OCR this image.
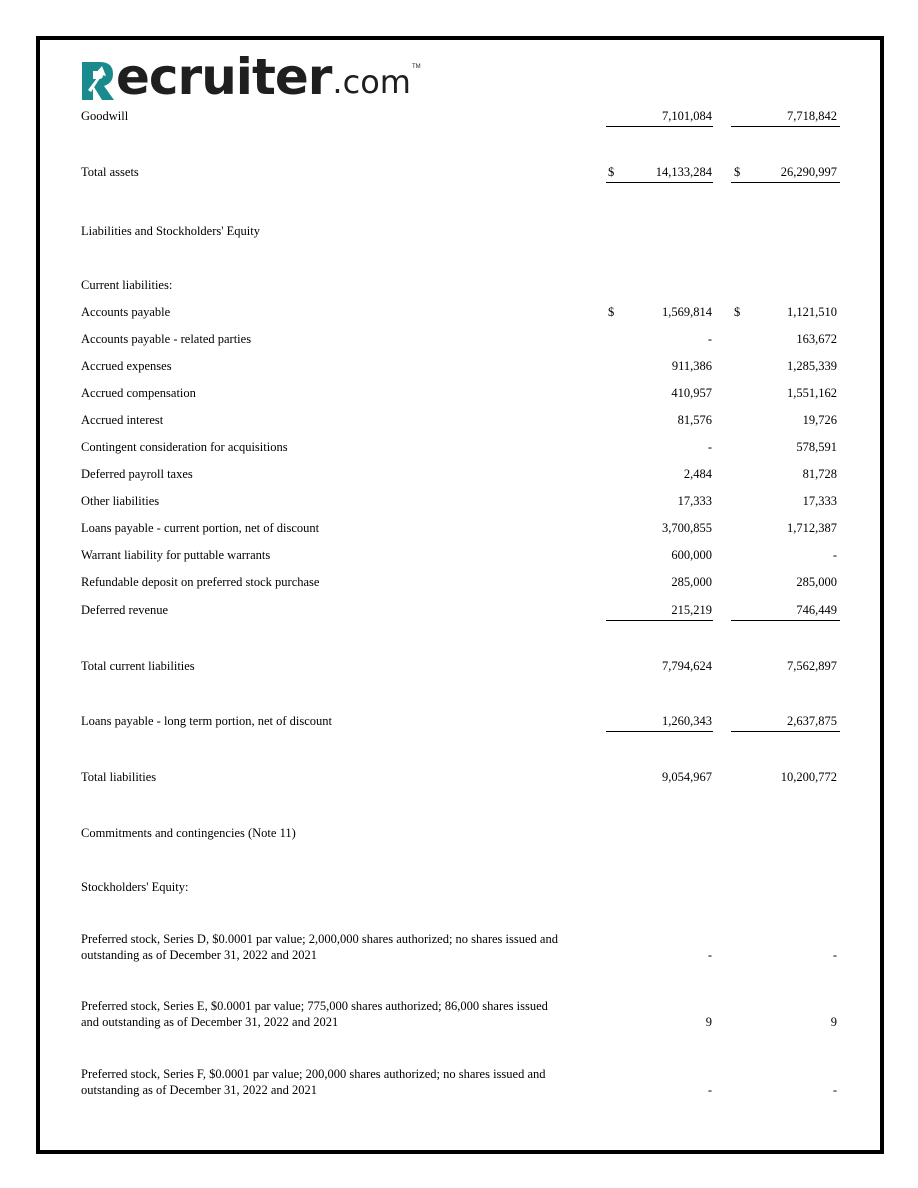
ecruiter .com TM
Goodwill	7,101,084	7,718,842
Total assets	$	14,133,284 $	26,290,997
Liabilities and Stockholders' Equity
Current liabilities:
Accounts payable	$	1,569,814 $	1,121,510
Accounts payable - related parties	-	163,672
Accrued expenses	911,386	1,285,339
Accrued compensation	410,957	1,551,162
Accrued interest	81,576	19,726
Contingent consideration for acquisitions	-	578,591
Deferred payroll taxes	2,484	81,728
Other liabilities	17,333	17,333
Loans payable - current portion, net of discount	3,700,855	1,712,387
Warrant liability for puttable warrants	600,000	-
Refundable deposit on preferred stock purchase	285,000	285,000
Deferred revenue	215,219	746,449
Total current liabilities	7,794,624	7,562,897
Loans payable - long term portion, net of discount	1,260,343	2,637,875
Total liabilities	9,054,967	10,200,772
Commitments and contingencies (Note 11)
Stockholders' Equity:
Preferred stock, Series D, $0.0001 par value; 2,000,000 shares authorized; no shares issued and
outstanding as of December 31, 2022 and 2021	-	-
Preferred stock, Series E, $0.0001 par value; 775,000 shares authorized; 86,000 shares issued
and outstanding as of December 31, 2022 and 2021	9	9
Preferred stock, Series F, $0.0001 par value; 200,000 shares authorized; no shares issued and
outstanding as of December 31, 2022 and 2021	-	-
